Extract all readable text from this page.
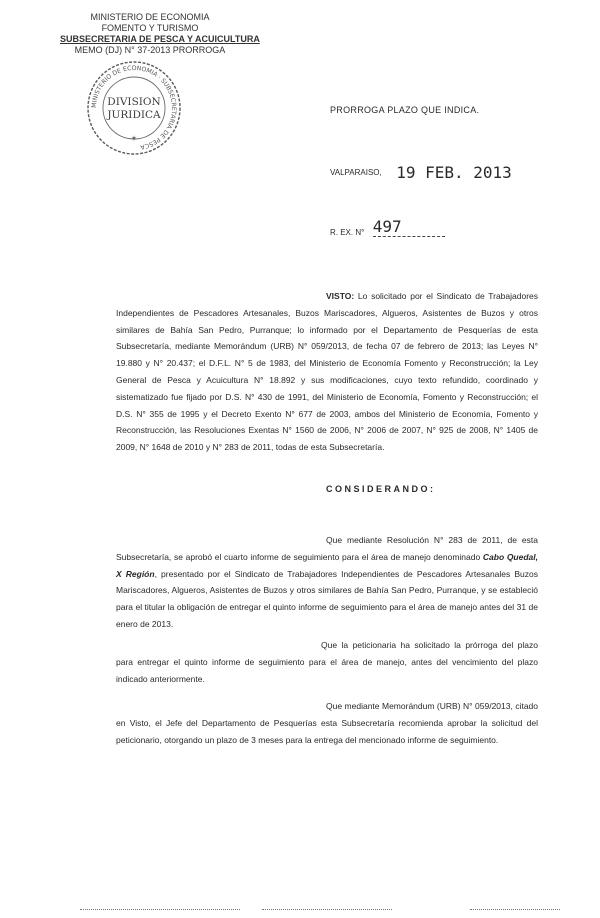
MINISTERIO DE ECONOMIA
FOMENTO Y TURISMO
SUBSECRETARIA DE PESCA Y ACUICULTURA
MEMO (DJ) N° 37-2013 PRORROGA
MINISTERIO DE ECONOMIA · SUBSECRETARIA DE PESCA
DIVISION
JURIDICA
✶
PRORROGA PLAZO QUE INDICA.
VALPARAISO, 19 FEB. 2013
R. EX. N° 497

VISTO: Lo solicitado por el Sindicato de Trabajadores Independientes de Pescadores Artesanales, Buzos Mariscadores, Algueros, Asistentes de Buzos y otros similares de Bahía San Pedro, Purranque; lo informado por el Departamento de Pesquerías de esta Subsecretaría, mediante Memorándum (URB) N° 059/2013, de fecha 07 de febrero de 2013; las Leyes N° 19.880 y N° 20.437; el D.F.L. N° 5 de 1983, del Ministerio de Economía Fomento y Reconstrucción; la Ley General de Pesca y Acuicultura N° 18.892 y sus modificaciones, cuyo texto refundido, coordinado y sistematizado fue fijado por D.S. N° 430 de 1991, del Ministerio de Economía, Fomento y Reconstrucción; el D.S. N° 355 de 1995 y el Decreto Exento N° 677 de 2003, ambos del Ministerio de Economía, Fomento y Reconstrucción, las Resoluciones Exentas N° 1560 de 2006, N° 2006 de 2007, N° 925 de 2008, N° 1405 de 2009, N° 1648 de 2010 y N° 283 de 2011, todas de esta Subsecretaría.

CONSIDERANDO:

Que mediante Resolución N° 283 de 2011, de esta Subsecretaría, se aprobó el cuarto informe de seguimiento para el área de manejo denominado Cabo Quedal, X Región, presentado por el Sindicato de Trabajadores Independientes de Pescadores Artesanales Buzos Mariscadores, Algueros, Asistentes de Buzos y otros similares de Bahía San Pedro, Purranque, y se estableció para el titular la obligación de entregar el quinto informe de seguimiento para el área de manejo antes del 31 de enero de 2013.

Que la peticionaria ha solicitado la prórroga del plazo para entregar el quinto informe de seguimiento para el área de manejo, antes del vencimiento del plazo indicado anteriormente.

Que mediante Memorándum (URB) N° 059/2013, citado en Visto, el Jefe del Departamento de Pesquerías esta Subsecretaría recomienda aprobar la solicitud del peticionario, otorgando un plazo de 3 meses para la entrega del mencionado informe de seguimiento.
